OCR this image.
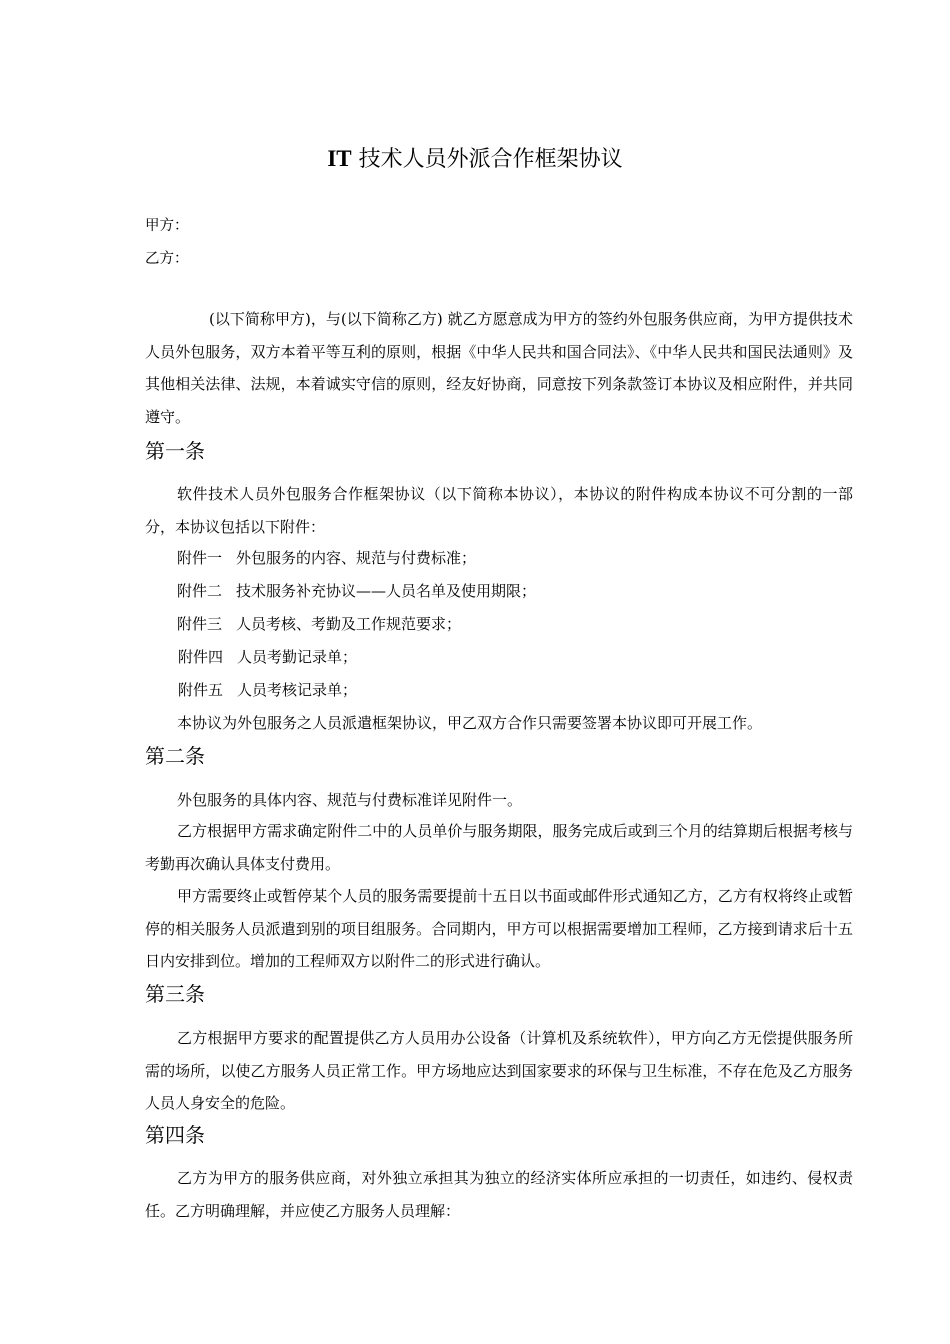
IT 技术人员外派合作框架协议
甲方：
乙方：

(以下简称甲方)，与(以下简称乙方) 就乙方愿意成为甲方的签约外包服务供应商，为甲方提供技术人员外包服务，双方本着平等互利的原则，根据《中华人民共和国合同法》、《中华人民共和国民法通则》及其他相关法律、法规，本着诚实守信的原则，经友好协商，同意按下列条款签订本协议及相应附件，并共同遵守。

第一条

软件技术人员外包服务合作框架协议（以下简称本协议），本协议的附件构成本协议不可分割的一部分，本协议包括以下附件：

附件一 外包服务的内容、规范与付费标准；
附件二 技术服务补充协议——人员名单及使用期限；
附件三 人员考核、考勤及工作规范要求；
附件四 人员考勤记录单；
附件五 人员考核记录单；
本协议为外包服务之人员派遣框架协议，甲乙双方合作只需要签署本协议即可开展工作。
第二条
外包服务的具体内容、规范与付费标准详见附件一。

乙方根据甲方需求确定附件二中的人员单价与服务期限，服务完成后或到三个月的结算期后根据考核与考勤再次确认具体支付费用。

甲方需要终止或暂停某个人员的服务需要提前十五日以书面或邮件形式通知乙方，乙方有权将终止或暂停的相关服务人员派遣到别的项目组服务。合同期内，甲方可以根据需要增加工程师，乙方接到请求后十五日内安排到位。增加的工程师双方以附件二的形式进行确认。

第三条

乙方根据甲方要求的配置提供乙方人员用办公设备（计算机及系统软件），甲方向乙方无偿提供服务所需的场所，以使乙方服务人员正常工作。甲方场地应达到国家要求的环保与卫生标准，不存在危及乙方服务人员人身安全的危险。

第四条

乙方为甲方的服务供应商，对外独立承担其为独立的经济实体所应承担的一切责任，如违约、侵权责任。乙方明确理解，并应使乙方服务人员理解：
